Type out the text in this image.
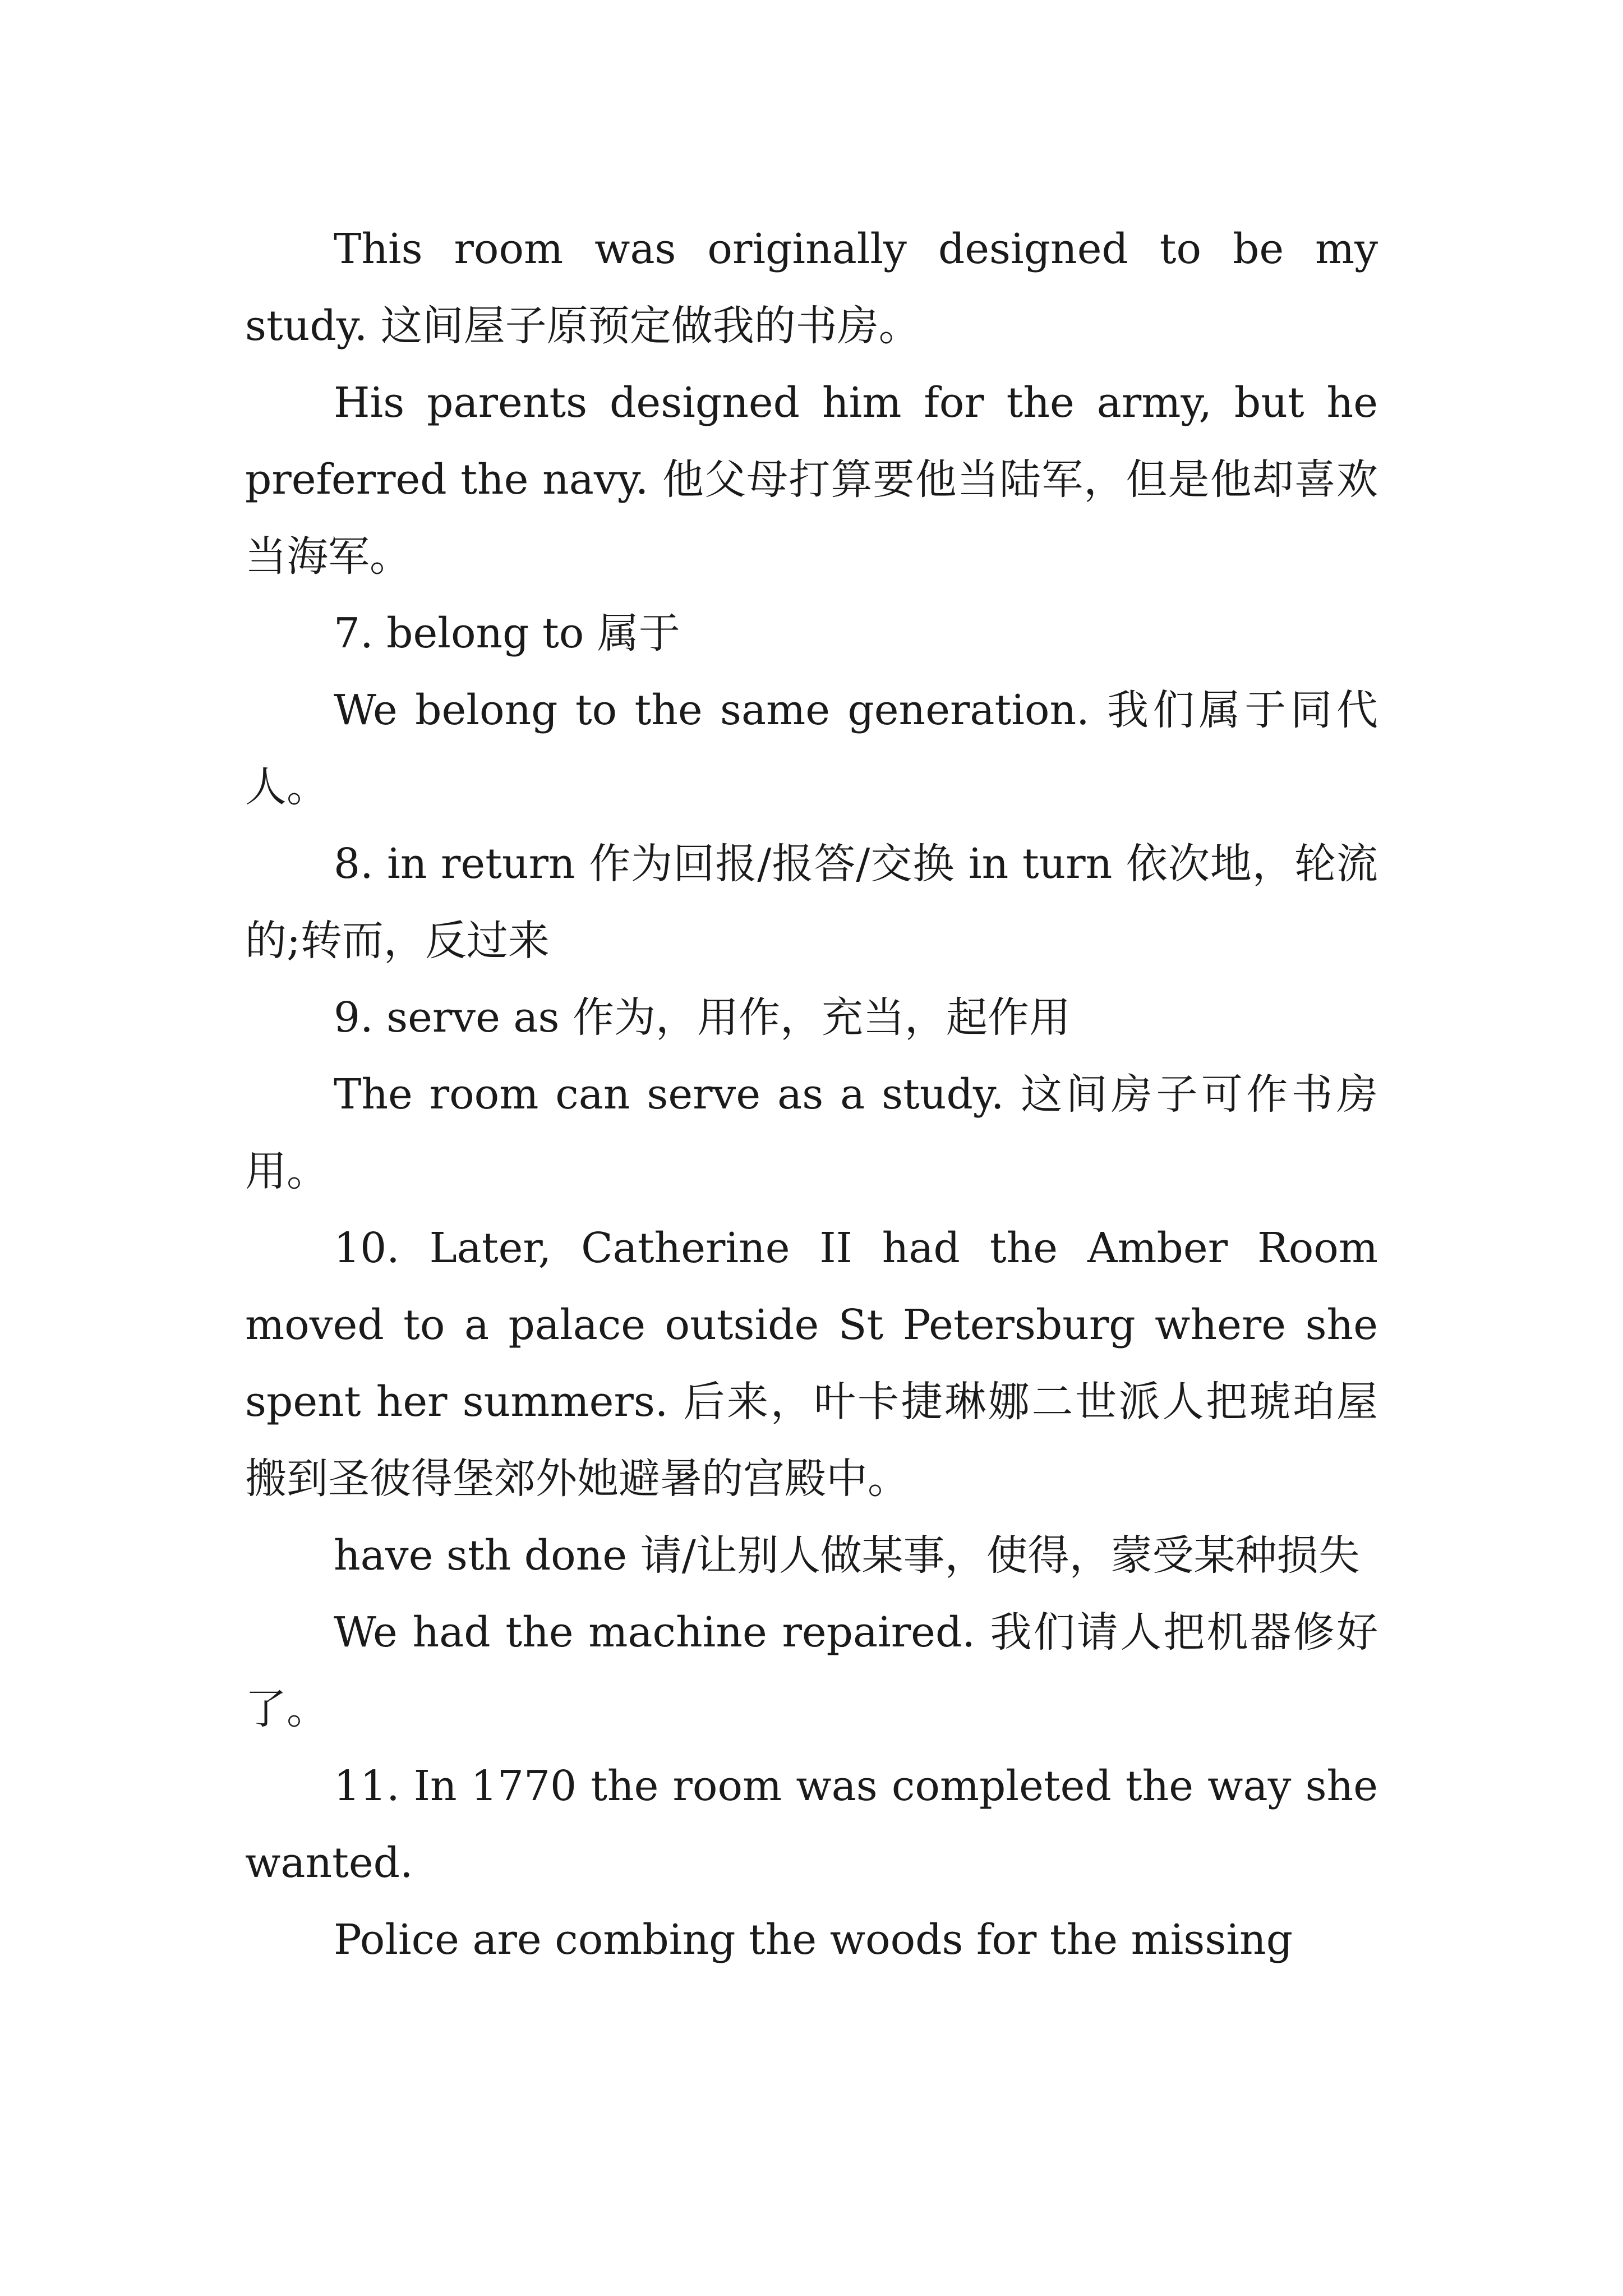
This room was originally designed to be my study. 这间屋子原预定做我的书房。

His parents designed him for the army, but he preferred the navy. 他父母打算要他当陆军，但是他却喜欢当海军。

7. belong to 属于

We belong to the same generation. 我们属于同代人。

8. in return 作为回报/报答/交换 in turn 依次地，轮流的;转而，反过来

9. serve as 作为，用作，充当，起作用

The room can serve as a study. 这间房子可作书房用。

10. Later, Catherine II had the Amber Room moved to a palace outside St Petersburg where she spent her summers. 后来，叶卡捷琳娜二世派人把琥珀屋搬到圣彼得堡郊外她避暑的宫殿中。

have sth done 请/让别人做某事，使得，蒙受某种损失

We had the machine repaired. 我们请人把机器修好了。

11. In 1770 the room was completed the way she wanted.

Police are combing the woods for the missing
